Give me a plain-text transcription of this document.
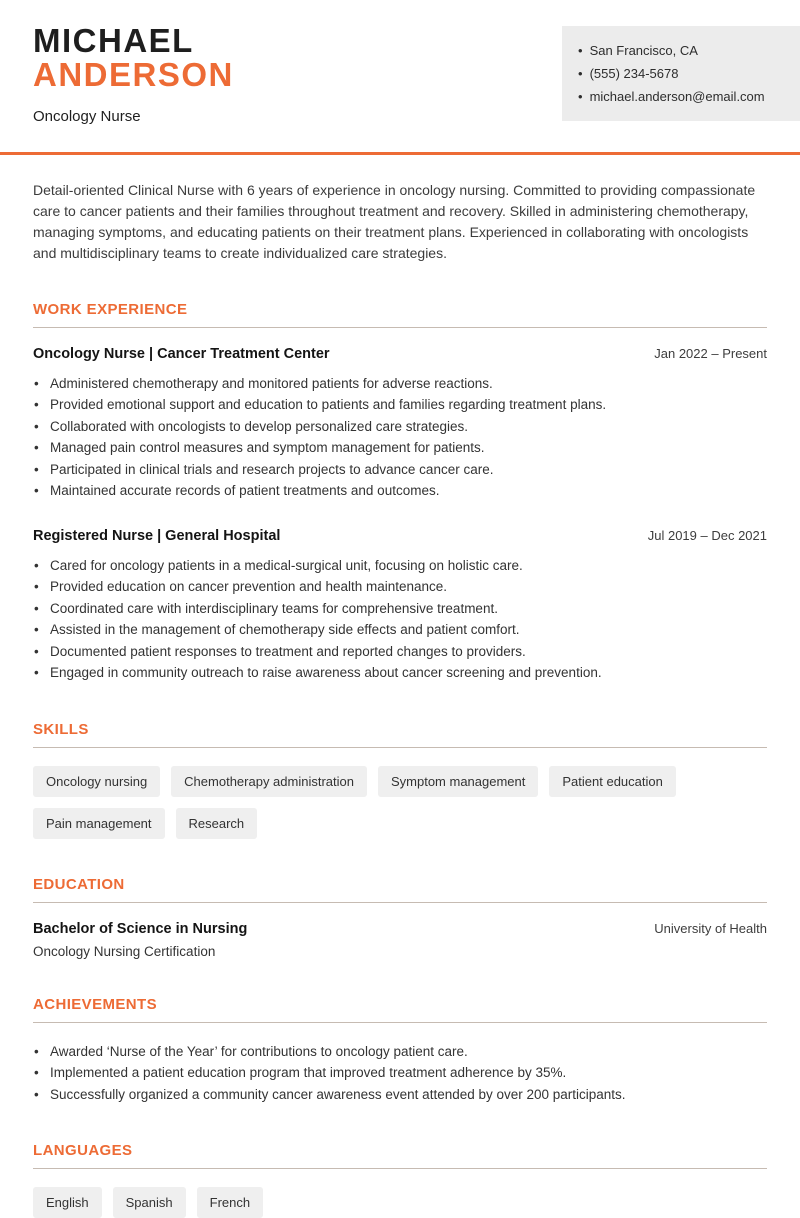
MICHAEL
ANDERSON
Oncology Nurse
• San Francisco, CA
• (555) 234-5678
• michael.anderson@email.com

Detail-oriented Clinical Nurse with 6 years of experience in oncology nursing. Committed to providing compassionate care to cancer patients and their families throughout treatment and recovery. Skilled in administering chemotherapy, managing symptoms, and educating patients on their treatment plans. Experienced in collaborating with oncologists and multidisciplinary teams to create individualized care strategies.

WORK EXPERIENCE
Oncology Nurse | Cancer Treatment Center	Jan 2022 – Present
• Administered chemotherapy and monitored patients for adverse reactions.
• Provided emotional support and education to patients and families regarding treatment plans.
• Collaborated with oncologists to develop personalized care strategies.
• Managed pain control measures and symptom management for patients.
• Participated in clinical trials and research projects to advance cancer care.
• Maintained accurate records of patient treatments and outcomes.
Registered Nurse | General Hospital	Jul 2019 – Dec 2021
• Cared for oncology patients in a medical-surgical unit, focusing on holistic care.
• Provided education on cancer prevention and health maintenance.
• Coordinated care with interdisciplinary teams for comprehensive treatment.
• Assisted in the management of chemotherapy side effects and patient comfort.
• Documented patient responses to treatment and reported changes to providers.
• Engaged in community outreach to raise awareness about cancer screening and prevention.
SKILLS
Oncology nursing	Chemotherapy administration	Symptom management	Patient education
Pain management	Research
EDUCATION
Bachelor of Science in Nursing	University of Health
Oncology Nursing Certification
ACHIEVEMENTS
• Awarded ‘Nurse of the Year’ for contributions to oncology patient care.
• Implemented a patient education program that improved treatment adherence by 35%.
• Successfully organized a community cancer awareness event attended by over 200 participants.
LANGUAGES
English	Spanish	French
